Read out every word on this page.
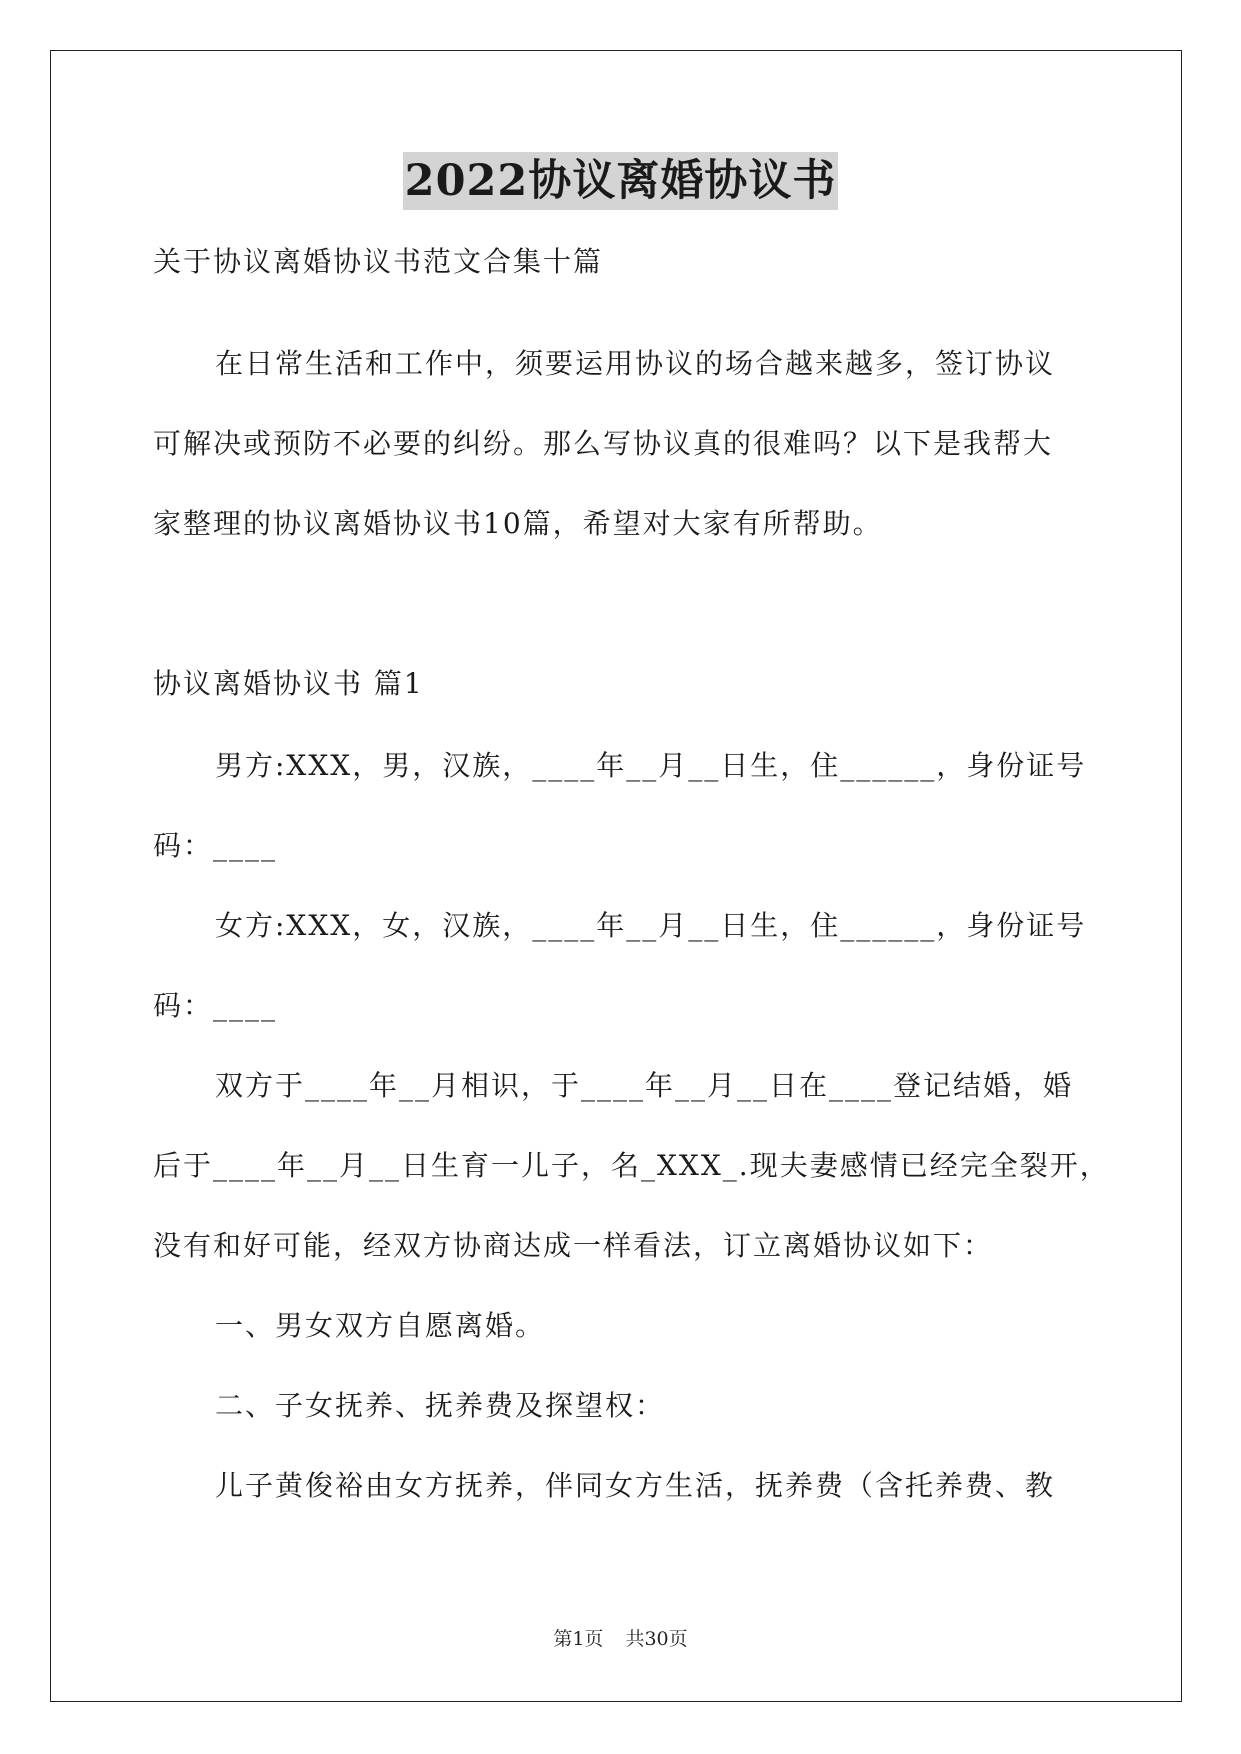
2022协议离婚协议书
关于协议离婚协议书范文合集十篇
在日常生活和工作中，须要运用协议的场合越来越多，签订协议
可解决或预防不必要的纠纷。那么写协议真的很难吗？以下是我帮大
家整理的协议离婚协议书10篇，希望对大家有所帮助。
协议离婚协议书 篇1
男方:XXX，男，汉族，____年__月__日生，住______，身份证号
码：____
女方:XXX，女，汉族，____年__月__日生，住______，身份证号
码：____
双方于____年__月相识，于____年__月__日在____登记结婚，婚
后于____年__月__日生育一儿子，名_XXX_.现夫妻感情已经完全裂开，
没有和好可能，经双方协商达成一样看法，订立离婚协议如下：
一、男女双方自愿离婚。
二、子女抚养、抚养费及探望权：
儿子黄俊裕由女方抚养，伴同女方生活，抚养费（含托养费、教
第1页 共30页
